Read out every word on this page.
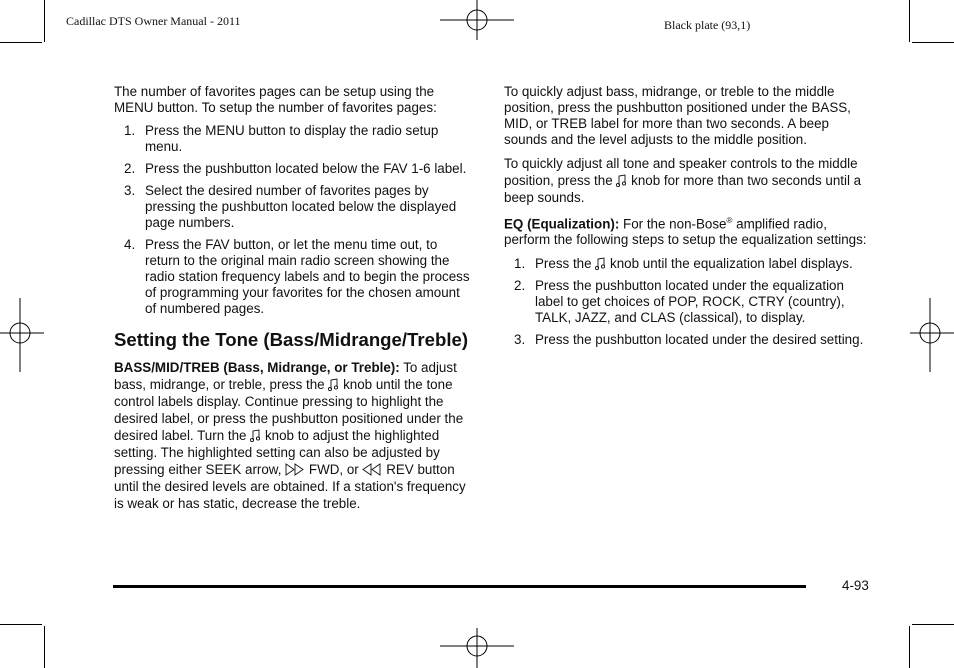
Cadillac DTS Owner Manual - 2011	Black plate (93,1)

The number of favorites pages can be setup using the MENU button. To setup the number of favorites pages:

1. Press the MENU button to display the radio setup menu.
2. Press the pushbutton located below the FAV 1-6 label.
3. Select the desired number of favorites pages by pressing the pushbutton located below the displayed page numbers.
4. Press the FAV button, or let the menu time out, to return to the original main radio screen showing the radio station frequency labels and to begin the process of programming your favorites for the chosen amount of numbered pages.
Setting the Tone (Bass/Midrange/Treble)

BASS/MID/TREB (Bass, Midrange, or Treble): To adjust bass, midrange, or treble, press the  knob until the tone control labels display. Continue pressing to highlight the desired label, or press the pushbutton positioned under the desired label. Turn the  knob to adjust the highlighted setting. The highlighted setting can also be adjusted by pressing either SEEK arrow,  FWD, or  REV button until the desired levels are obtained. If a station's frequency is weak or has static, decrease the treble.

To quickly adjust bass, midrange, or treble to the middle position, press the pushbutton positioned under the BASS, MID, or TREB label for more than two seconds. A beep sounds and the level adjusts to the middle position.

To quickly adjust all tone and speaker controls to the middle position, press the  knob for more than two seconds until a beep sounds.

EQ (Equalization): For the non-Bose® amplified radio, perform the following steps to setup the equalization settings:

1. Press the  knob until the equalization label displays.
2. Press the pushbutton located under the equalization label to get choices of POP, ROCK, CTRY (country), TALK, JAZZ, and CLAS (classical), to display.
3. Press the pushbutton located under the desired setting.
4-93
